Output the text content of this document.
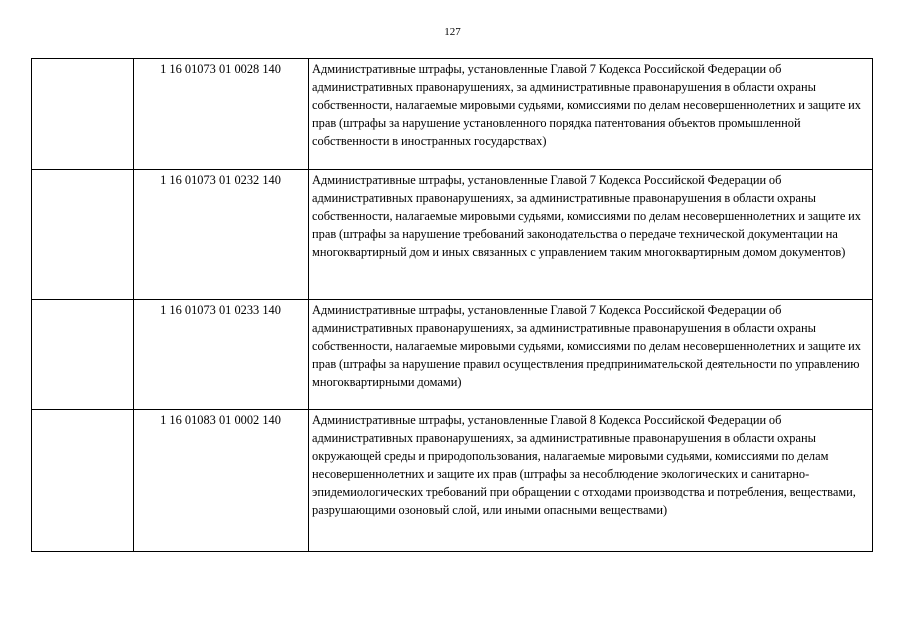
127
	1 16 01073 01 0028 140	Административные штрафы, установленные Главой 7 Кодекса Российской Федерации об административных правонарушениях, за административные правонарушения в области охраны собственности, налагаемые мировыми судьями, комиссиями по делам несовершеннолетних и защите их прав (штрафы за нарушение установленного порядка патентования объектов промышленной собственности в иностранных государствах)

	1 16 01073 01 0232 140	Административные штрафы, установленные Главой 7 Кодекса Российской Федерации об административных правонарушениях, за административные правонарушения в области охраны собственности, налагаемые мировыми судьями, комиссиями по делам несовершеннолетних и защите их прав (штрафы за нарушение требований законодательства о передаче технической документации на многоквартирный дом и иных связанных с управлением таким многоквартирным домом документов)

	1 16 01073 01 0233 140	Административные штрафы, установленные Главой 7 Кодекса Российской Федерации об административных правонарушениях, за административные правонарушения в области охраны собственности, налагаемые мировыми судьями, комиссиями по делам несовершеннолетних и защите их прав (штрафы за нарушение правил осуществления предпринимательской деятельности по управлению многоквартирными домами)

	1 16 01083 01 0002 140	Административные штрафы, установленные Главой 8 Кодекса Российской Федерации об административных правонарушениях, за административные правонарушения в области охраны окружающей среды и природопользования, налагаемые мировыми судьями, комиссиями по делам несовершеннолетних и защите их прав (штрафы за несоблюдение экологических и санитарно-эпидемиологических требований при обращении с отходами производства и потребления, веществами, разрушающими озоновый слой, или иными опасными веществами)
